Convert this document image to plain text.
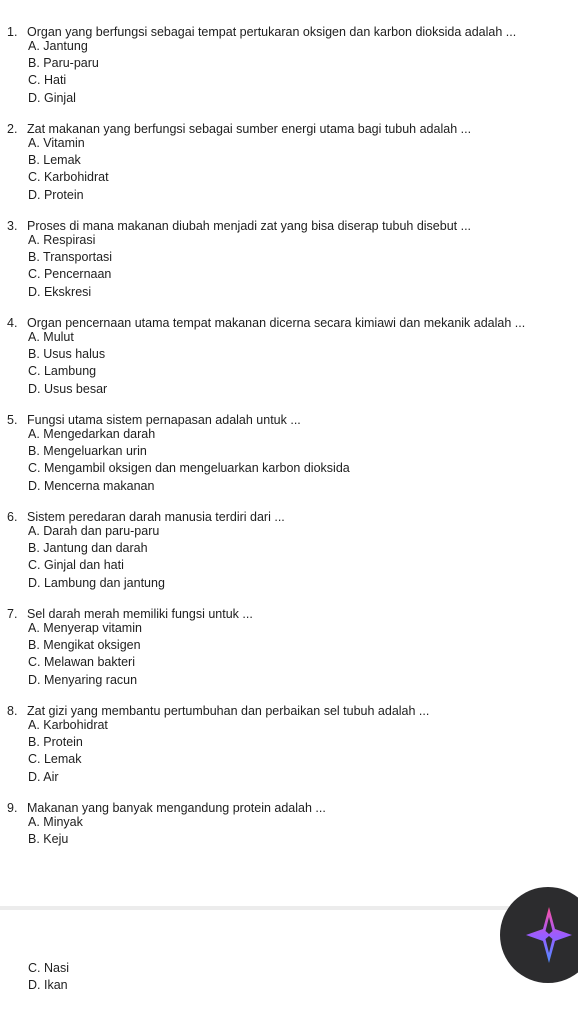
1. Organ yang berfungsi sebagai tempat pertukaran oksigen dan karbon dioksida adalah ...
A. Jantung
B. Paru-paru
C. Hati
D. Ginjal
2. Zat makanan yang berfungsi sebagai sumber energi utama bagi tubuh adalah ...
A. Vitamin
B. Lemak
C. Karbohidrat
D. Protein
3. Proses di mana makanan diubah menjadi zat yang bisa diserap tubuh disebut ...
A. Respirasi
B. Transportasi
C. Pencernaan
D. Ekskresi
4. Organ pencernaan utama tempat makanan dicerna secara kimiawi dan mekanik adalah ...
A. Mulut
B. Usus halus
C. Lambung
D. Usus besar
5. Fungsi utama sistem pernapasan adalah untuk ...
A. Mengedarkan darah
B. Mengeluarkan urin
C. Mengambil oksigen dan mengeluarkan karbon dioksida
D. Mencerna makanan
6. Sistem peredaran darah manusia terdiri dari ...
A. Darah dan paru-paru
B. Jantung dan darah
C. Ginjal dan hati
D. Lambung dan jantung
7. Sel darah merah memiliki fungsi untuk ...
A. Menyerap vitamin
B. Mengikat oksigen
C. Melawan bakteri
D. Menyaring racun
8. Zat gizi yang membantu pertumbuhan dan perbaikan sel tubuh adalah ...
A. Karbohidrat
B. Protein
C. Lemak
D. Air
9. Makanan yang banyak mengandung protein adalah ...
A. Minyak
B. Keju
C. Nasi
D. Ikan
